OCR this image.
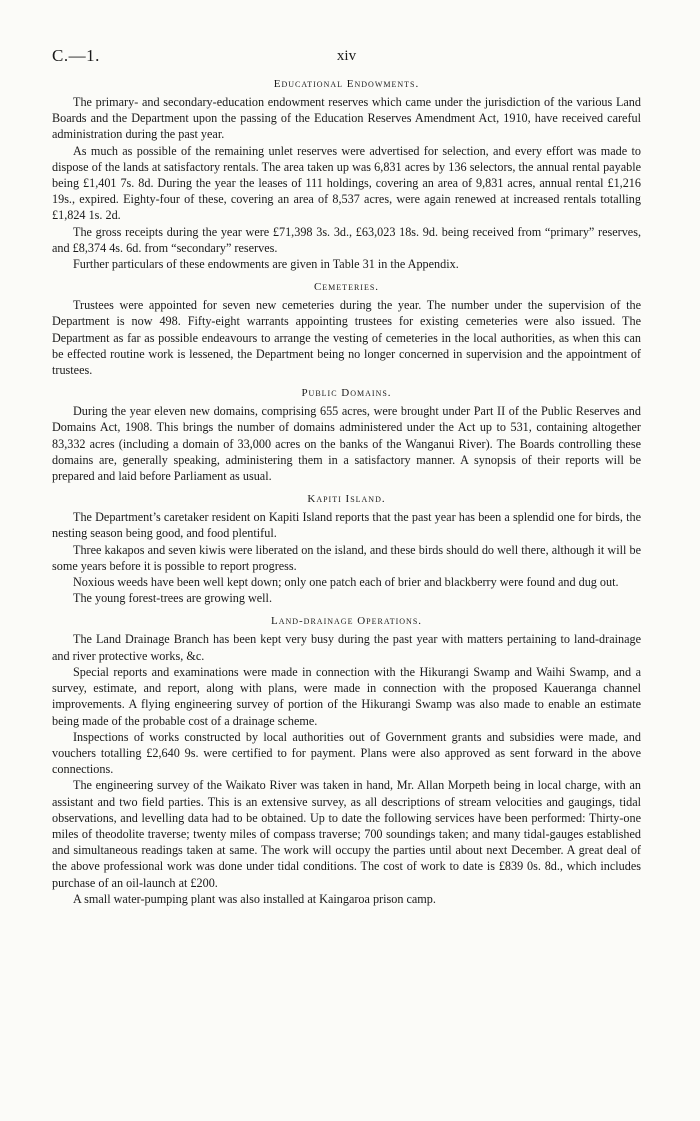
C.—1.	xiv
Educational Endowments.

The primary- and secondary-education endowment reserves which came under the jurisdiction of the various Land Boards and the Department upon the passing of the Education Reserves Amendment Act, 1910, have received careful administration during the past year.

As much as possible of the remaining unlet reserves were advertised for selection, and every effort was made to dispose of the lands at satisfactory rentals. The area taken up was 6,831 acres by 136 selectors, the annual rental payable being £1,401 7s. 8d. During the year the leases of 111 holdings, covering an area of 9,831 acres, annual rental £1,216 19s., expired. Eighty-four of these, covering an area of 8,537 acres, were again renewed at increased rentals totalling £1,824 1s. 2d.

The gross receipts during the year were £71,398 3s. 3d., £63,023 18s. 9d. being received from “primary” reserves, and £8,374 4s. 6d. from “secondary” reserves.

Further particulars of these endowments are given in Table 31 in the Appendix.

Cemeteries.

Trustees were appointed for seven new cemeteries during the year. The number under the supervision of the Department is now 498. Fifty-eight warrants appointing trustees for existing cemeteries were also issued. The Department as far as possible endeavours to arrange the vesting of cemeteries in the local authorities, as when this can be effected routine work is lessened, the Department being no longer concerned in supervision and the appointment of trustees.

Public Domains.

During the year eleven new domains, comprising 655 acres, were brought under Part II of the Public Reserves and Domains Act, 1908. This brings the number of domains administered under the Act up to 531, containing altogether 83,332 acres (including a domain of 33,000 acres on the banks of the Wanganui River). The Boards controlling these domains are, generally speaking, administering them in a satisfactory manner. A synopsis of their reports will be prepared and laid before Parliament as usual.

Kapiti Island.

The Department’s caretaker resident on Kapiti Island reports that the past year has been a splendid one for birds, the nesting season being good, and food plentiful.

Three kakapos and seven kiwis were liberated on the island, and these birds should do well there, although it will be some years before it is possible to report progress.

Noxious weeds have been well kept down; only one patch each of brier and blackberry were found and dug out.

The young forest-trees are growing well.

Land-drainage Operations.

The Land Drainage Branch has been kept very busy during the past year with matters pertaining to land-drainage and river protective works, &c.

Special reports and examinations were made in connection with the Hikurangi Swamp and Waihi Swamp, and a survey, estimate, and report, along with plans, were made in connection with the proposed Kaueranga channel improvements. A flying engineering survey of portion of the Hikurangi Swamp was also made to enable an estimate being made of the probable cost of a drainage scheme.

Inspections of works constructed by local authorities out of Government grants and subsidies were made, and vouchers totalling £2,640 9s. were certified to for payment. Plans were also approved as sent forward in the above connections.

The engineering survey of the Waikato River was taken in hand, Mr. Allan Morpeth being in local charge, with an assistant and two field parties. This is an extensive survey, as all descriptions of stream velocities and gaugings, tidal observations, and levelling data had to be obtained. Up to date the following services have been performed: Thirty-one miles of theodolite traverse; twenty miles of compass traverse; 700 soundings taken; and many tidal-gauges established and simultaneous readings taken at same. The work will occupy the parties until about next December. A great deal of the above professional work was done under tidal conditions. The cost of work to date is £839 0s. 8d., which includes purchase of an oil-launch at £200.

A small water-pumping plant was also installed at Kaingaroa prison camp.
